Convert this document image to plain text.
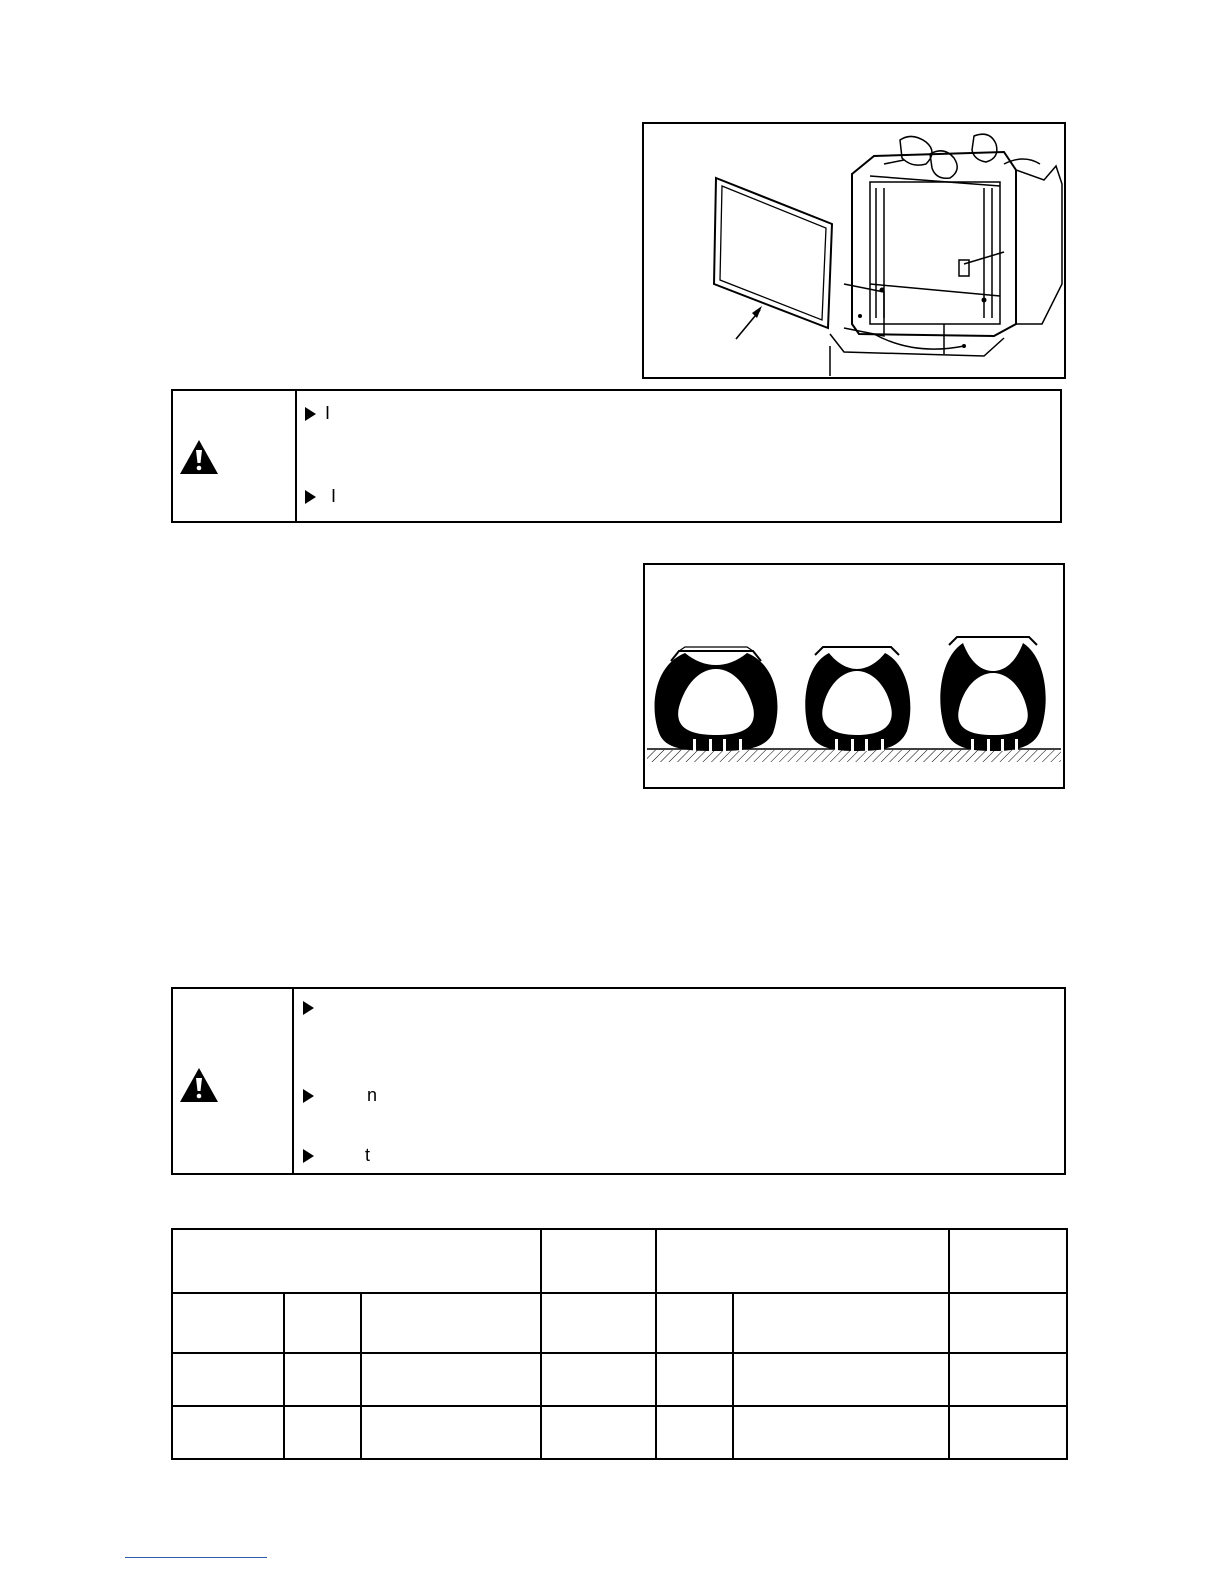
I
I
n
t
